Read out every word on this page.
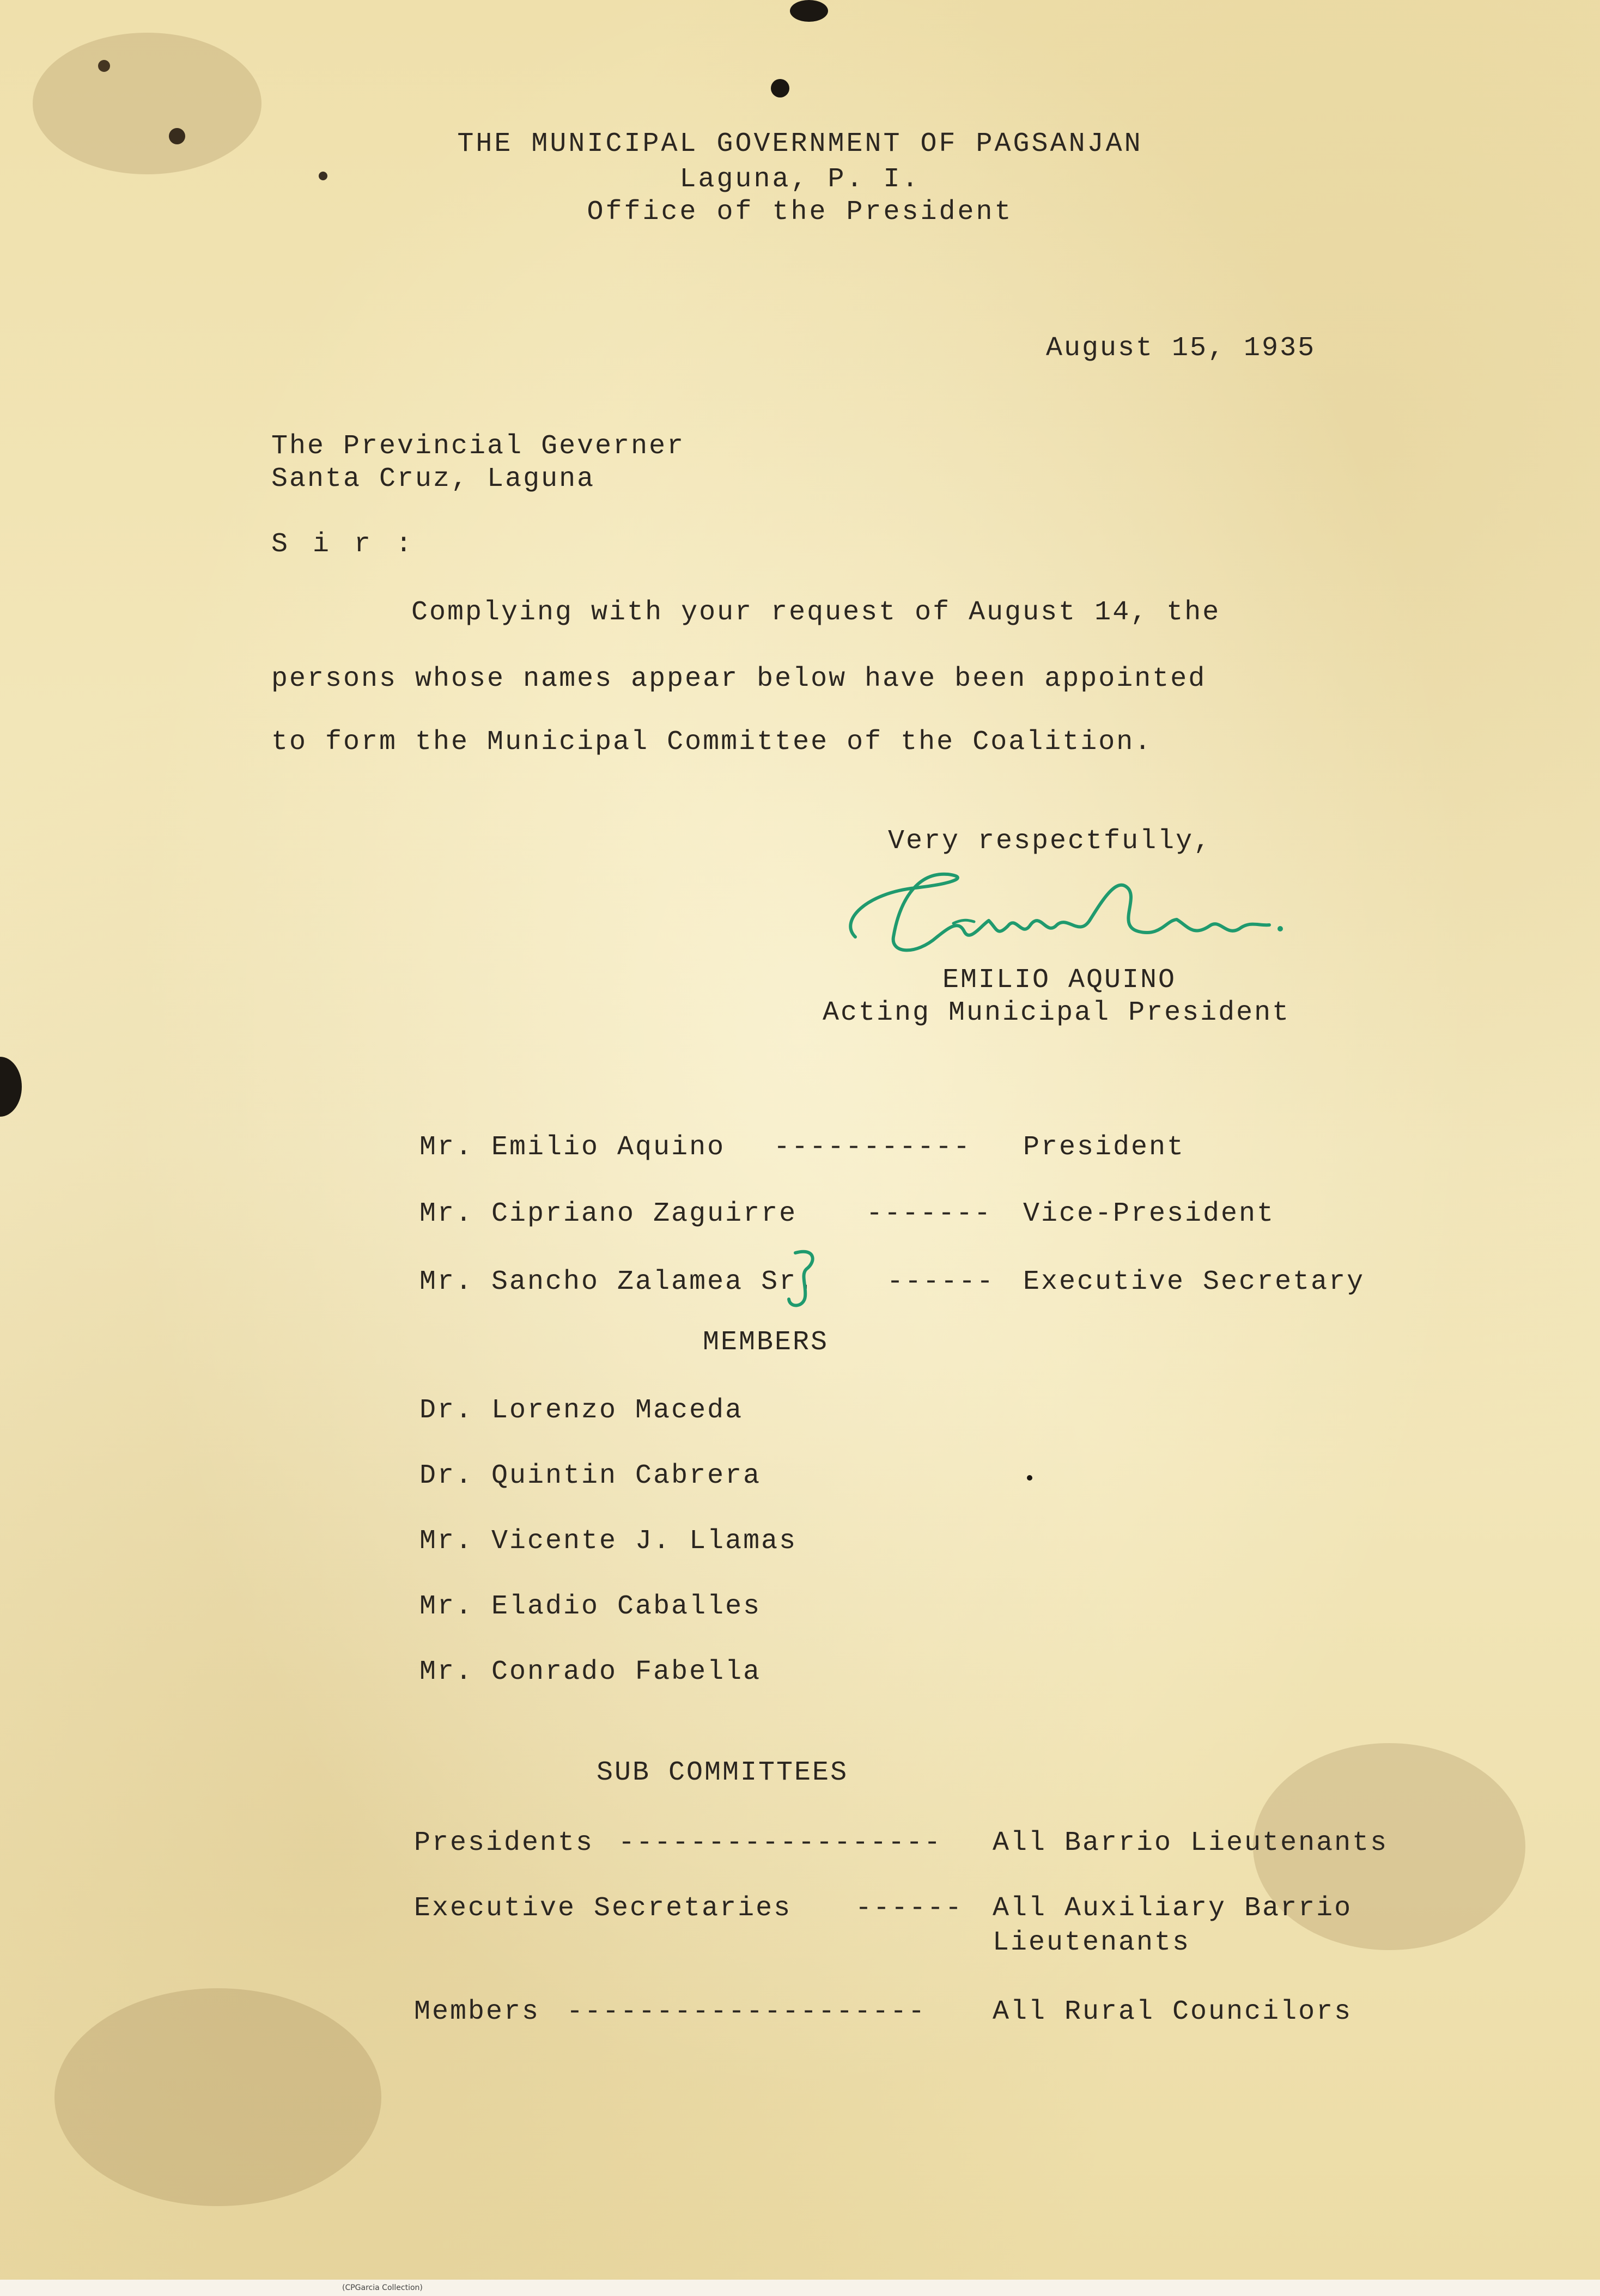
THE MUNICIPAL GOVERNMENT OF PAGSANJAN
Laguna, P. I.
Office of the President
August 15, 1935
The Previncial Geverner
Santa Cruz, Laguna
S i r :
Complying with your request of August 14, the
persons whose names appear below have been appointed
to form the Municipal Committee of the Coalition.
Very respectfully,
EMILIO AQUINO
Acting Municipal President
Mr. Emilio Aquino ----------- President
Mr. Cipriano Zaguirre	------- Vice-President
Mr. Sancho Zalamea Sr.	------ Executive Secretary
MEMBERS
Dr. Lorenzo Maceda
Dr. Quintin Cabrera
Mr. Vicente J. Llamas
Mr. Eladio Caballes
Mr. Conrado Fabella
SUB COMMITTEES
Presidents ------------------ All Barrio Lieutenants
Executive Secretaries ------ All Auxiliary Barrio
Lieutenants
Members -------------------- All Rural Councilors
(CPGarcia Collection)
